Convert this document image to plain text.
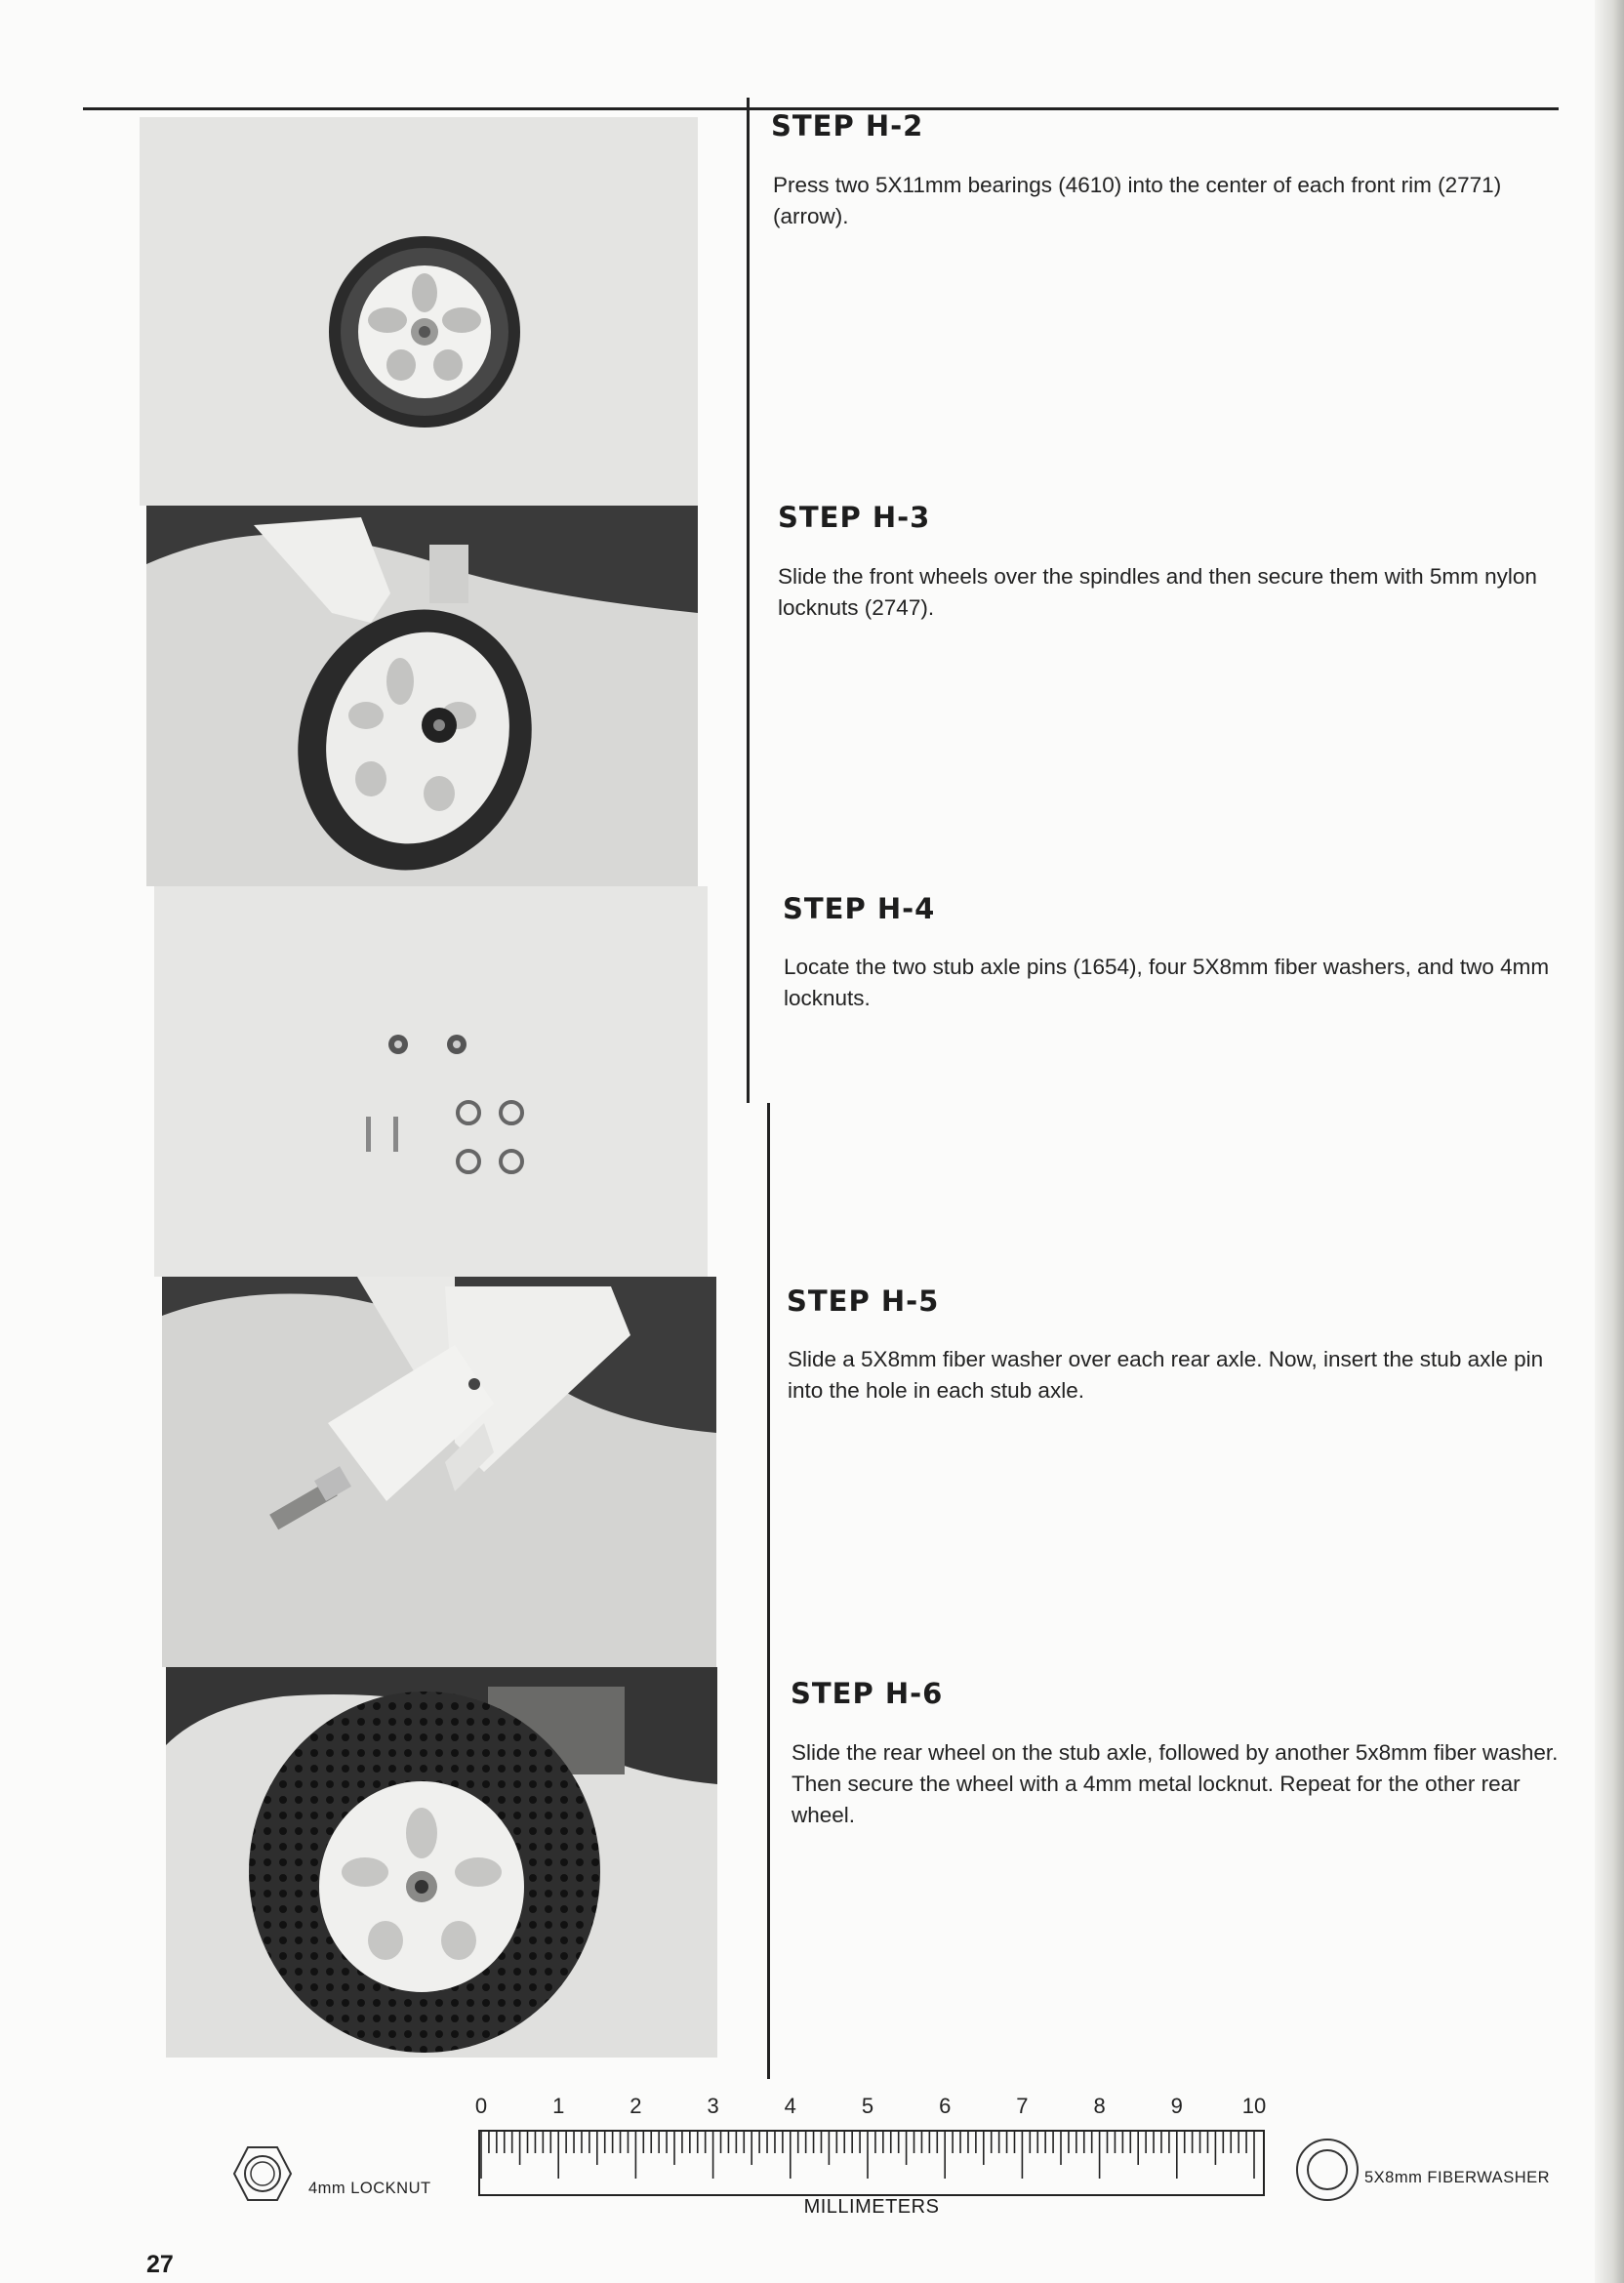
STEP H-2
Press two 5X11mm bearings (4610) into the center of each front rim (2771)(arrow).
STEP H-3
Slide the front wheels over the spindles and then secure them with 5mm nylon locknuts (2747).
STEP H-4
Locate the two stub axle pins (1654), four 5X8mm fiber washers, and two 4mm locknuts.
STEP H-5
Slide a 5X8mm fiber washer over each rear axle. Now, insert the stub axle pin into the hole in each stub axle.
STEP H-6
Slide the rear wheel on the stub axle, followed by another 5x8mm fiber washer. Then secure the wheel with a 4mm metal locknut. Repeat for the other rear wheel.
4mm LOCKNUT
0	1	2	3	4	5	6	7	8	9	10
MILLIMETERS
5X8mm FIBERWASHER
27
